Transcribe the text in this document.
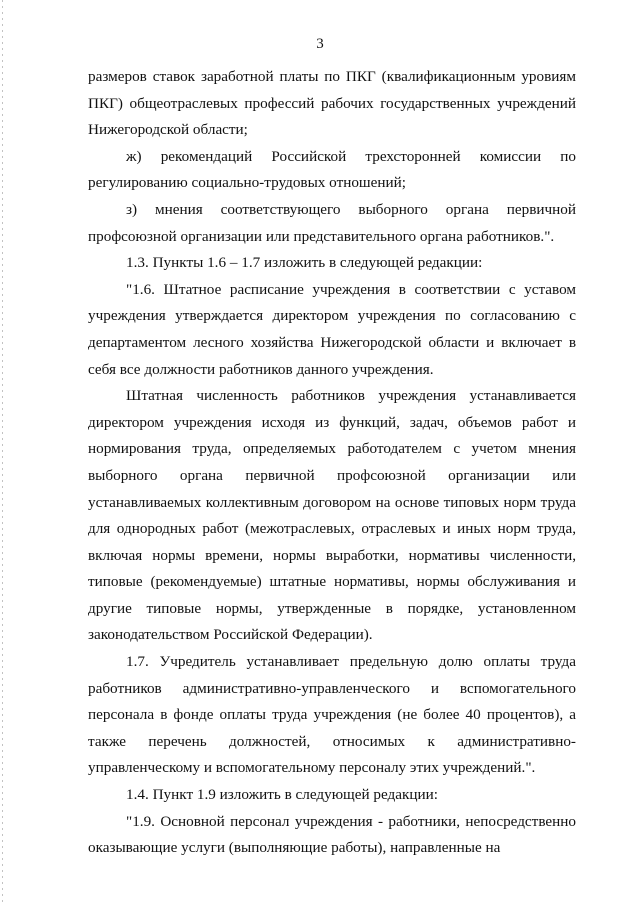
3

размеров ставок заработной платы по ПКГ (квалификационным уровиям ПКГ) общеотраслевых профессий рабочих государственных учреждений Нижегородской области;

ж) рекомендаций Российской трехсторонней комиссии по регулированию социально-трудовых отношений;

з) мнения соответствующего выборного органа первичной профсоюзной организации или представительного органа работников.".

1.3. Пункты 1.6 – 1.7 изложить в следующей редакции:

"1.6. Штатное расписание учреждения в соответствии с уставом учреждения утверждается директором учреждения по согласованию с департаментом лесного хозяйства Нижегородской области и включает в себя все должности работников данного учреждения.

Штатная численность работников учреждения устанавливается директором учреждения исходя из функций, задач, объемов работ и нормирования труда, определяемых работодателем с учетом мнения выборного органа первичной профсоюзной организации или устанавливаемых коллективным договором на основе типовых норм труда для однородных работ (межотраслевых, отраслевых и иных норм труда, включая нормы времени, нормы выработки, нормативы численности, типовые (рекомендуемые) штатные нормативы, нормы обслуживания и другие типовые нормы, утвержденные в порядке, установленном законодательством Российской Федерации).

1.7. Учредитель устанавливает предельную долю оплаты труда работников административно-управленческого и вспомогательного персонала в фонде оплаты труда учреждения (не более 40 процентов), а также перечень должностей, относимых к административно-управленческому и вспомогательному персоналу этих учреждений.".

1.4. Пункт 1.9 изложить в следующей редакции:

"1.9. Основной персонал учреждения - работники, непосредственно оказывающие услуги (выполняющие работы), направленные на
